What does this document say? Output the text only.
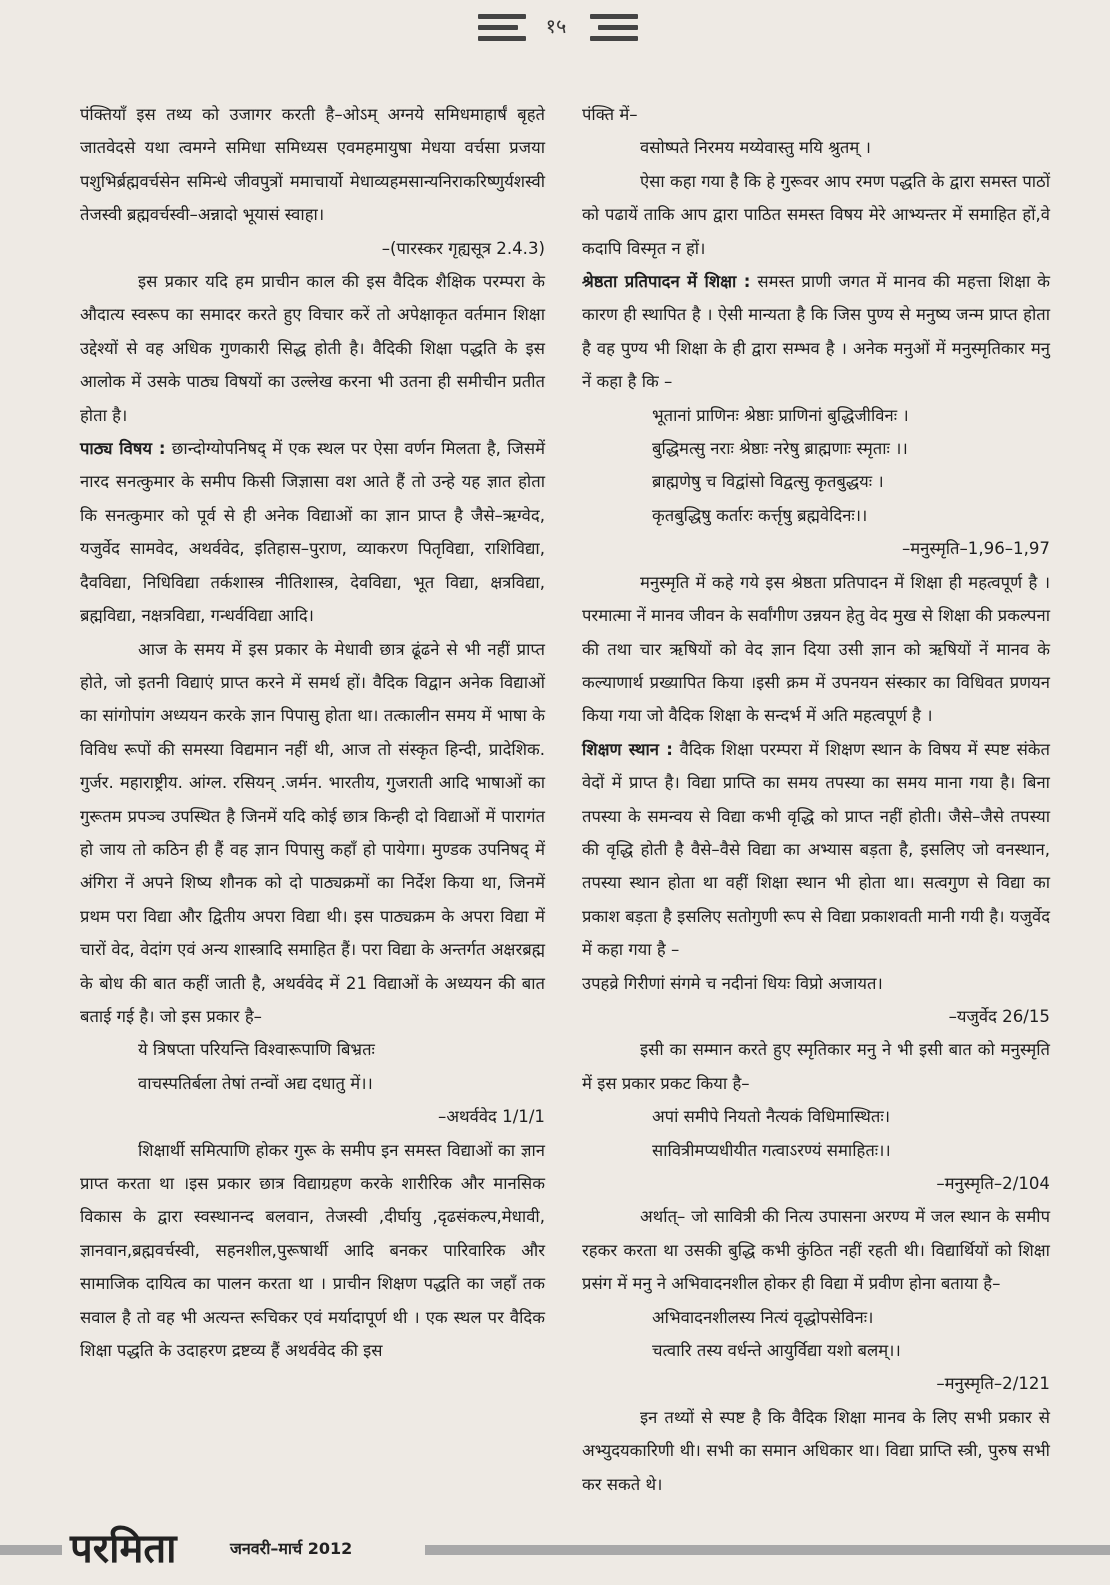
१५

पंक्तियाँ इस तथ्य को उजागर करती है–ओऽम् अग्नये समिधमाहार्षं बृहते जातवेदसे यथा त्वमग्ने समिधा समिध्यस एवमहमायुषा मेधया वर्चसा प्रजया पशुभिर्ब्रह्मवर्चसेन समिन्धे जीवपुत्रों ममाचार्यो मेधाव्यहमसान्यनिराकरिष्णुर्यशस्वी तेजस्वी ब्रह्मवर्चस्वी–अन्नादो भूयासं स्वाहा।

–(पारस्कर गृह्यसूत्र 2.4.3)

इस प्रकार यदि हम प्राचीन काल की इस वैदिक शैक्षिक परम्परा के औदात्य स्वरूप का समादर करते हुए विचार करें तो अपेक्षाकृत वर्तमान शिक्षा उद्देश्यों से वह अधिक गुणकारी सिद्ध होती है। वैदिकी शिक्षा पद्धति के इस आलोक में उसके पाठ्य विषयों का उल्लेख करना भी उतना ही समीचीन प्रतीत होता है।

पाठ्य विषय : छान्दोग्योपनिषद् में एक स्थल पर ऐसा वर्णन मिलता है, जिसमें नारद सनत्कुमार के समीप किसी जिज्ञासा वश आते हैं तो उन्हे यह ज्ञात होता कि सनत्कुमार को पूर्व से ही अनेक विद्याओं का ज्ञान प्राप्त है जैसे–ऋग्वेद, यजुर्वेद सामवेद, अथर्ववेद, इतिहास–पुराण, व्याकरण पितृविद्या, राशिविद्या, दैवविद्या, निधिविद्या तर्कशास्त्र नीतिशास्त्र, देवविद्या, भूत विद्या, क्षत्रविद्या, ब्रह्मविद्या, नक्षत्रविद्या, गन्धर्वविद्या आदि।

आज के समय में इस प्रकार के मेधावी छात्र ढूंढने से भी नहीं प्राप्त होते, जो इतनी विद्याएं प्राप्त करने में समर्थ हों। वैदिक विद्वान अनेक विद्याओं का सांगोपांग अध्ययन करके ज्ञान पिपासु होता था। तत्कालीन समय में भाषा के विविध रूपों की समस्या विद्यमान नहीं थी, आज तो संस्कृत हिन्दी, प्रादेशिक. गुर्जर. महाराष्ट्रीय. आंग्ल. रसियन् .जर्मन. भारतीय, गुजराती आदि भाषाओं का गुरूतम प्रपञ्च उपस्थित है जिनमें यदि कोई छात्र किन्ही दो विद्याओं में पारागंत हो जाय तो कठिन ही हैं वह ज्ञान पिपासु कहाँ हो पायेगा। मुण्डक उपनिषद् में अंगिरा नें अपने शिष्य शौनक को दो पाठ्यक्रमों का निर्देश किया था, जिनमें प्रथम परा विद्या और द्वितीय अपरा विद्या थी। इस पाठ्यक्रम के अपरा विद्या में चारों वेद, वेदांग एवं अन्य शास्त्रादि समाहित हैं। परा विद्या के अन्तर्गत अक्षरब्रह्म के बोध की बात कहीं जाती है, अथर्ववेद में 21 विद्याओं के अध्ययन की बात बताई गई है। जो इस प्रकार है–

ये त्रिषप्ता परियन्ति विश्वारूपाणि बिभ्रतः

वाचस्पतिर्बला तेषां तन्वों अद्य दधातु में।।

–अथर्ववेद 1/1/1

शिक्षार्थी समित्पाणि होकर गुरू के समीप इन समस्त विद्याओं का ज्ञान प्राप्त करता था ।इस प्रकार छात्र विद्याग्रहण करके शारीरिक और मानसिक विकास के द्वारा स्वस्थानन्द बलवान, तेजस्वी ,दीर्घायु ,दृढसंकल्प,मेधावी, ज्ञानवान,ब्रह्मवर्चस्वी, सहनशील,पुरूषार्थी आदि बनकर पारिवारिक और सामाजिक दायित्व का पालन करता था । प्राचीन शिक्षण पद्धति का जहॉं तक सवाल है तो वह भी अत्यन्त रूचिकर एवं मर्यादापूर्ण थी । एक स्थल पर वैदिक शिक्षा पद्धति के उदाहरण द्रष्टव्य हैं अथर्ववेद की इस

पंक्ति में–

वसोष्पते निरमय मय्येवास्तु मयि श्रुतम् ।

ऐसा कहा गया है कि हे गुरूवर आप रमण पद्धति के द्वारा समस्त पाठों को पढायें ताकि आप द्वारा पाठित समस्त विषय मेरे आभ्यन्तर में समाहित हों,वे कदापि विस्मृत न हों।

श्रेष्ठता प्रतिपादन में शिक्षा : समस्त प्राणी जगत में मानव की महत्ता शिक्षा के कारण ही स्थापित है । ऐसी मान्यता है कि जिस पुण्य से मनुष्य जन्म प्राप्त होता है वह पुण्य भी शिक्षा के ही द्वारा सम्भव है । अनेक मनुओं में मनुस्मृतिकार मनु नें कहा है कि –

भूतानां प्राणिनः श्रेष्ठाः प्राणिनां बुद्धिजीविनः ।

बुद्धिमत्सु नराः श्रेष्ठाः नरेषु ब्राह्मणाः स्मृताः ।।

ब्राह्मणेषु च विद्वांसो विद्वत्सु कृतबुद्धयः ।

कृतबुद्धिषु कर्तारः कर्त्तृषु ब्रह्मवेदिनः।।

–मनुस्मृति–1,96–1,97

मनुस्मृति में कहे गये इस श्रेष्ठता प्रतिपादन में शिक्षा ही महत्वपूर्ण है । परमात्मा नें मानव जीवन के सर्वांगीण उन्नयन हेतु वेद मुख से शिक्षा की प्रकल्पना की तथा चार ऋषियों को वेद ज्ञान दिया उसी ज्ञान को ऋषियों नें मानव के कल्याणार्थ प्रख्यापित किया ।इसी क्रम में उपनयन संस्कार का विधिवत प्रणयन किया गया जो वैदिक शिक्षा के सन्दर्भ में अति महत्वपूर्ण है ।

शिक्षण स्थान : वैदिक शिक्षा परम्परा में शिक्षण स्थान के विषय में स्पष्ट संकेत वेदों में प्राप्त है। विद्या प्राप्ति का समय तपस्या का समय माना गया है। बिना तपस्या के समन्वय से विद्या कभी वृद्धि को प्राप्त नहीं होती। जैसे–जैसे तपस्या की वृद्धि होती है वैसे–वैसे विद्या का अभ्यास बड़ता है, इसलिए जो वनस्थान, तपस्या स्थान होता था वहीं शिक्षा स्थान भी होता था। सत्वगुण से विद्या का प्रकाश बड़ता है इसलिए सतोगुणी रूप से विद्या प्रकाशवती मानी गयी है। यजुर्वेद में कहा गया है –

उपहव्रे गिरीणां संगमे च नदीनां धियः विप्रो अजायत।

–यजुर्वेद 26/15

इसी का सम्मान करते हुए स्मृतिकार मनु ने भी इसी बात को मनुस्मृति में इस प्रकार प्रकट किया है–

अपां समीपे नियतो नैत्यकं विधिमास्थितः।

सावित्रीमप्यधीयीत गत्वाऽरण्यं समाहितः।।

–मनुस्मृति–2/104

अर्थात्– जो सावित्री की नित्य उपासना अरण्य में जल स्थान के समीप रहकर करता था उसकी बुद्धि कभी कुंठित नहीं रहती थी। विद्यार्थियों को शिक्षा प्रसंग में मनु ने अभिवादनशील होकर ही विद्या में प्रवीण होना बताया है–

अभिवादनशीलस्य नित्यं वृद्धोपसेविनः।

चत्वारि तस्य वर्धन्ते आयुर्विद्या यशो बलम्।।

–मनुस्मृति–2/121

इन तथ्यों से स्पष्ट है कि वैदिक शिक्षा मानव के लिए सभी प्रकार से अभ्युदयकारिणी थी। सभी का समान अधिकार था। विद्या प्राप्ति स्त्री, पुरुष सभी कर सकते थे।

परमिता	जनवरी–मार्च 2012
